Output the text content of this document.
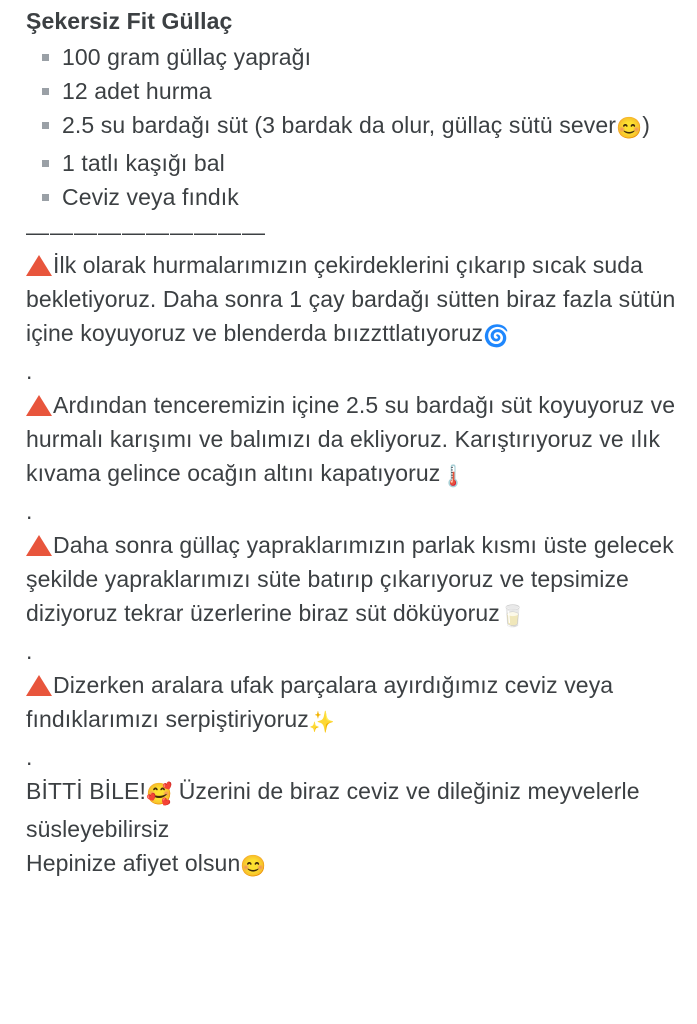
Şekersiz Fit Güllaç
100 gram güllaç yaprağı
12 adet hurma
2.5 su bardağı süt (3 bardak da olur, güllaç sütü sever😊)
1 tatlı kaşığı bal
Ceviz veya fındık
——————————

İlk olarak hurmalarımızın çekirdeklerini çıkarıp sıcak suda bekletiyoruz. Daha sonra 1 çay bardağı sütten biraz fazla sütün içine koyuyoruz ve blenderda bıızzttlatıyoruz🌀

.

Ardından tenceremizin içine 2.5 su bardağı süt koyuyoruz ve hurmalı karışımı ve balımızı da ekliyoruz. Karıştırıyoruz ve ılık kıvama gelince ocağın altını kapatıyoruz🌡️

.

Daha sonra güllaç yapraklarımızın parlak kısmı üste gelecek şekilde yapraklarımızı süte batırıp çıkarıyoruz ve tepsimize diziyoruz tekrar üzerlerine biraz süt döküyoruz🥛

.

Dizerken aralara ufak parçalara ayırdığımız ceviz veya fındıklarımızı serpiştiriyoruz✨

.

BİTTİ BİLE!🥰 Üzerini de biraz ceviz ve dileğiniz meyvelerle süsleyebilirsiz

Hepinize afiyet olsun😊
